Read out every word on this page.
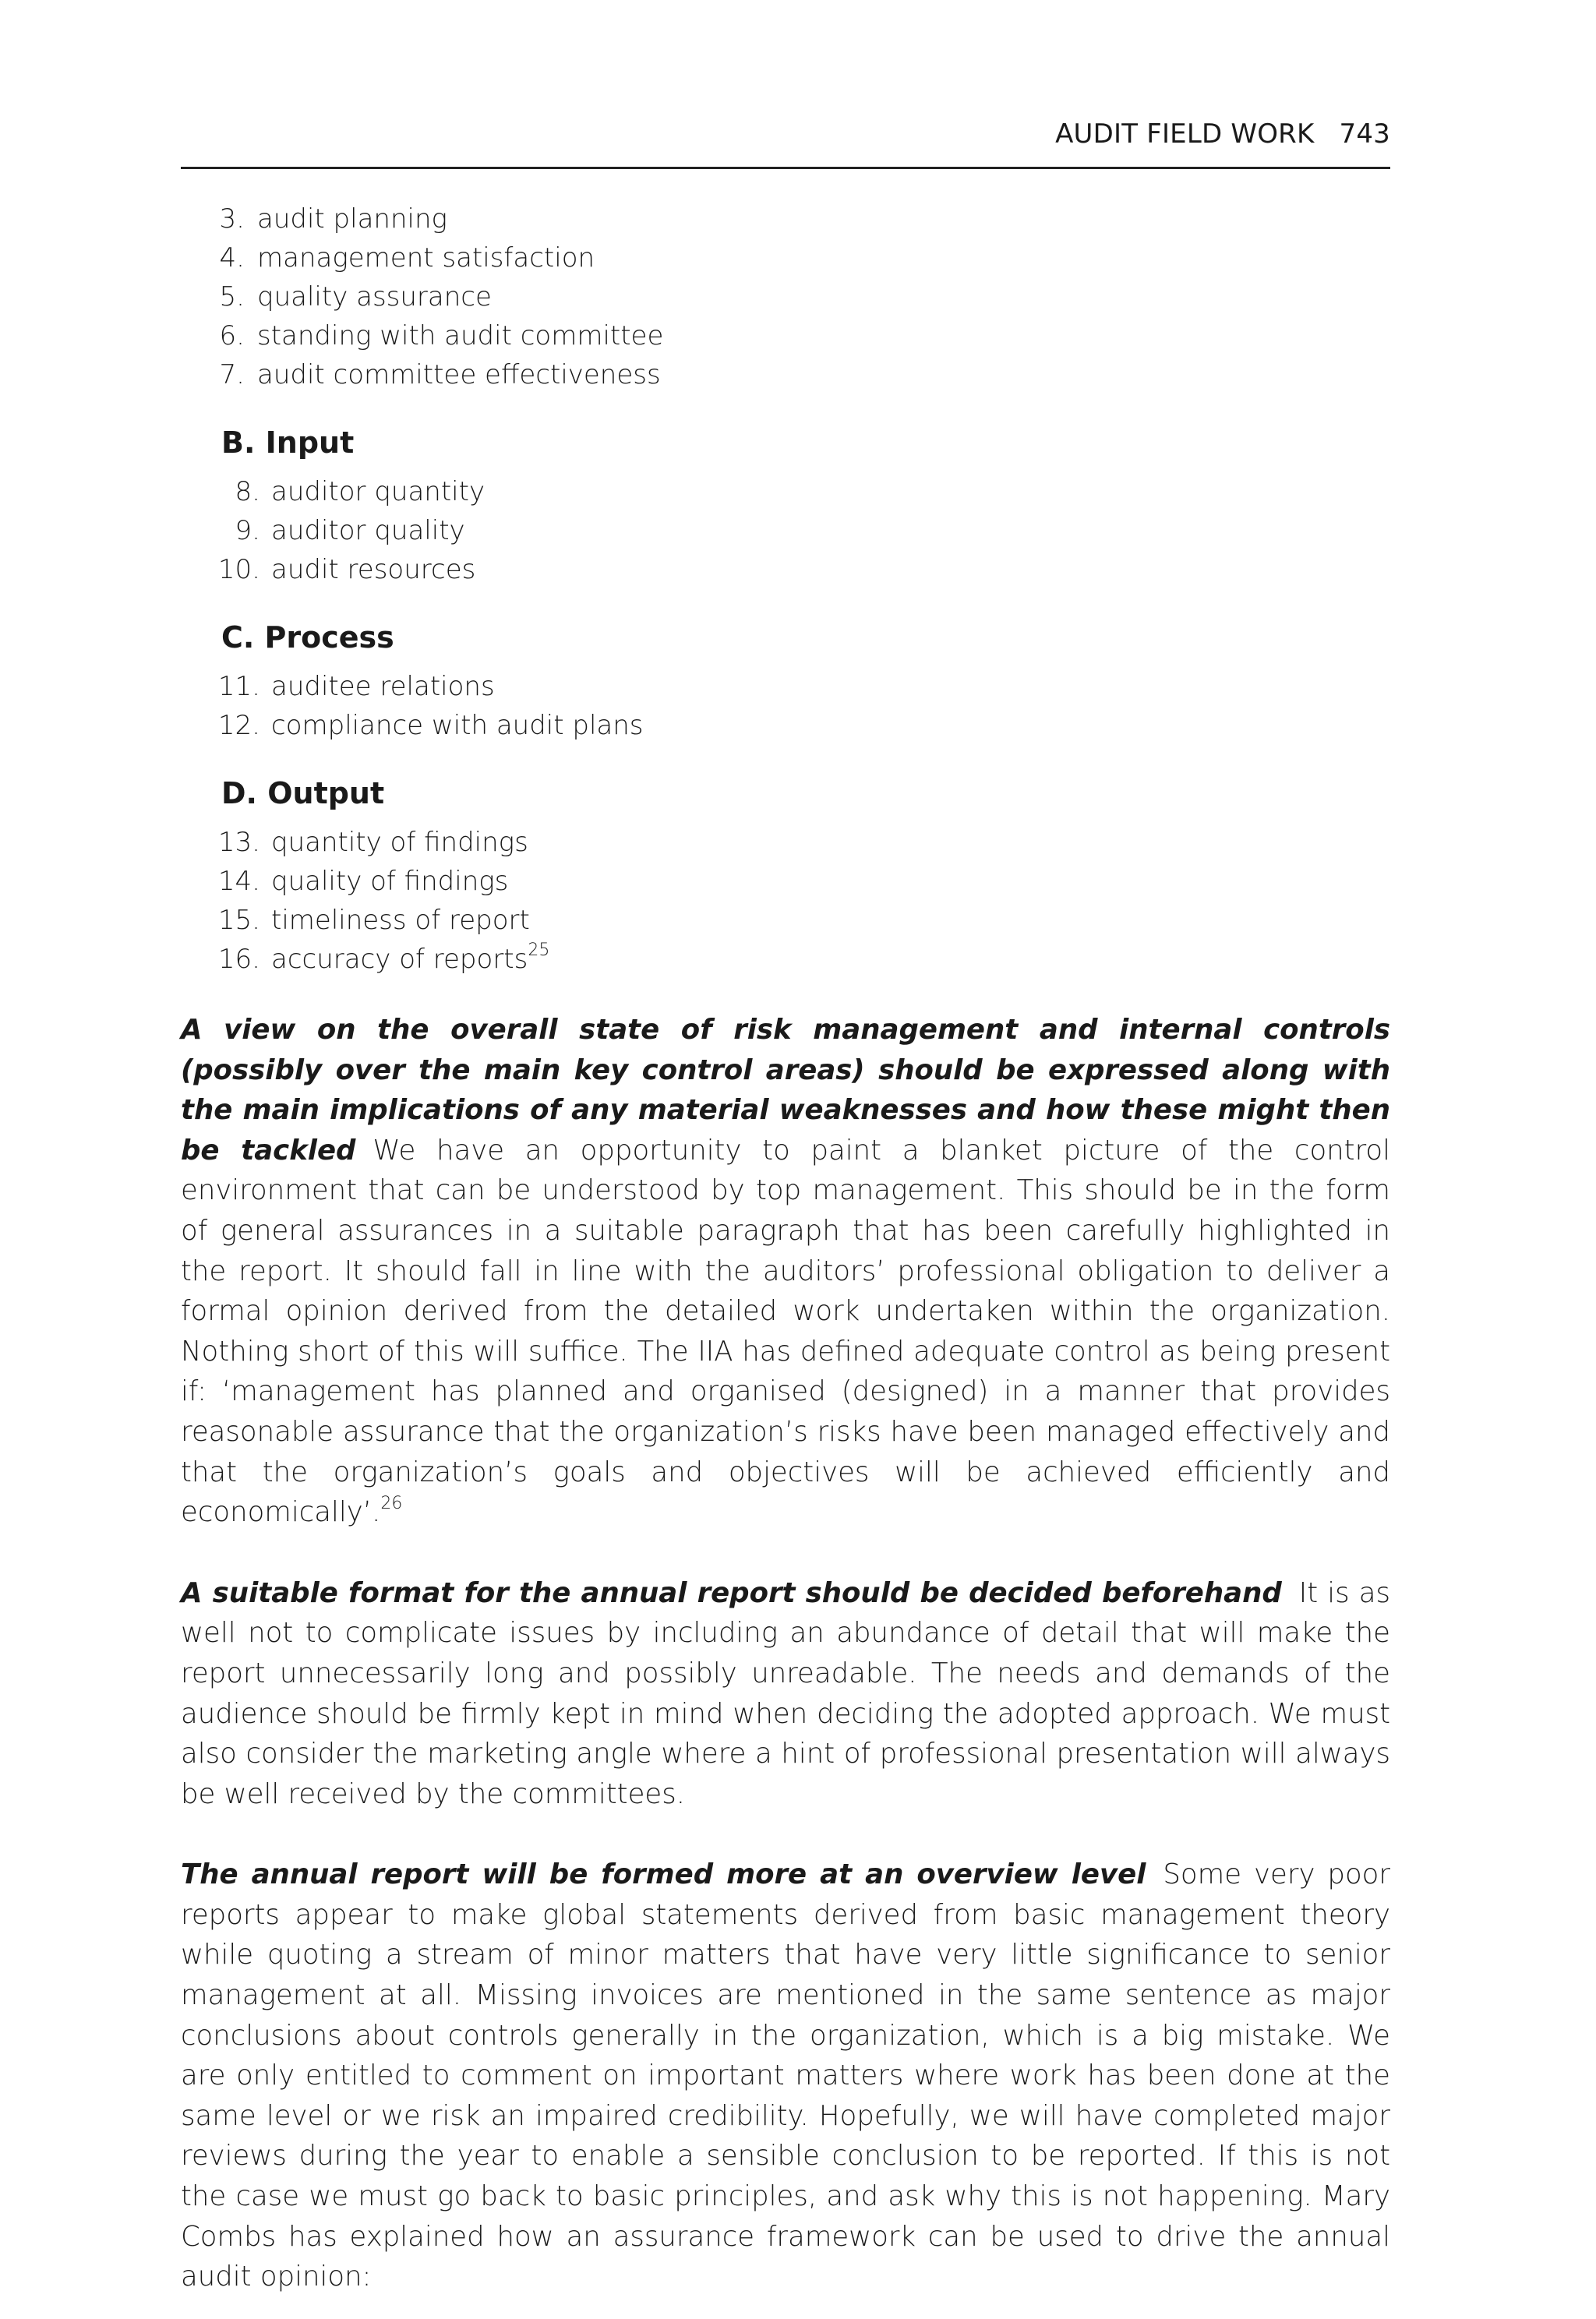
AUDIT FIELD WORK 743
3. audit planning
4. management satisfaction
5. quality assurance
6. standing with audit committee
7. audit committee effectiveness
B. Input
8. auditor quantity
9. auditor quality
10. audit resources
C. Process
11. auditee relations
12. compliance with audit plans
D. Output
13. quantity of findings
14. quality of findings
15. timeliness of report
16. accuracy of reports$^{25}$

A view on the overall state of risk management and internal controls (possibly over the main key control areas) should be expressed along with the main implications of any material weaknesses and how these might then be tackled We have an opportunity to paint a blanket picture of the control environment that can be understood by top management. This should be in the form of general assurances in a suitable paragraph that has been carefully highlighted in the report. It should fall in line with the auditors’ professional obligation to deliver a formal opinion derived from the detailed work undertaken within the organization. Nothing short of this will suffice. The IIA has defined adequate control as being present if: ‘management has planned and organised (designed) in a manner that provides reasonable assurance that the organization’s risks have been managed effectively and that the organization’s goals and objectives will be achieved efficiently and economically’.$^{26}$

A suitable format for the annual report should be decided beforehand It is as well not to complicate issues by including an abundance of detail that will make the report unnecessarily long and possibly unreadable. The needs and demands of the audience should be firmly kept in mind when deciding the adopted approach. We must also consider the marketing angle where a hint of professional presentation will always be well received by the committees.

The annual report will be formed more at an overview level Some very poor reports appear to make global statements derived from basic management theory while quoting a stream of minor matters that have very little significance to senior management at all. Missing invoices are mentioned in the same sentence as major conclusions about controls generally in the organization, which is a big mistake. We are only entitled to comment on important matters where work has been done at the same level or we risk an impaired credibility. Hopefully, we will have completed major reviews during the year to enable a sensible conclusion to be reported. If this is not the case we must go back to basic principles, and ask why this is not happening. Mary Combs has explained how an assurance framework can be used to drive the annual audit opinion:
